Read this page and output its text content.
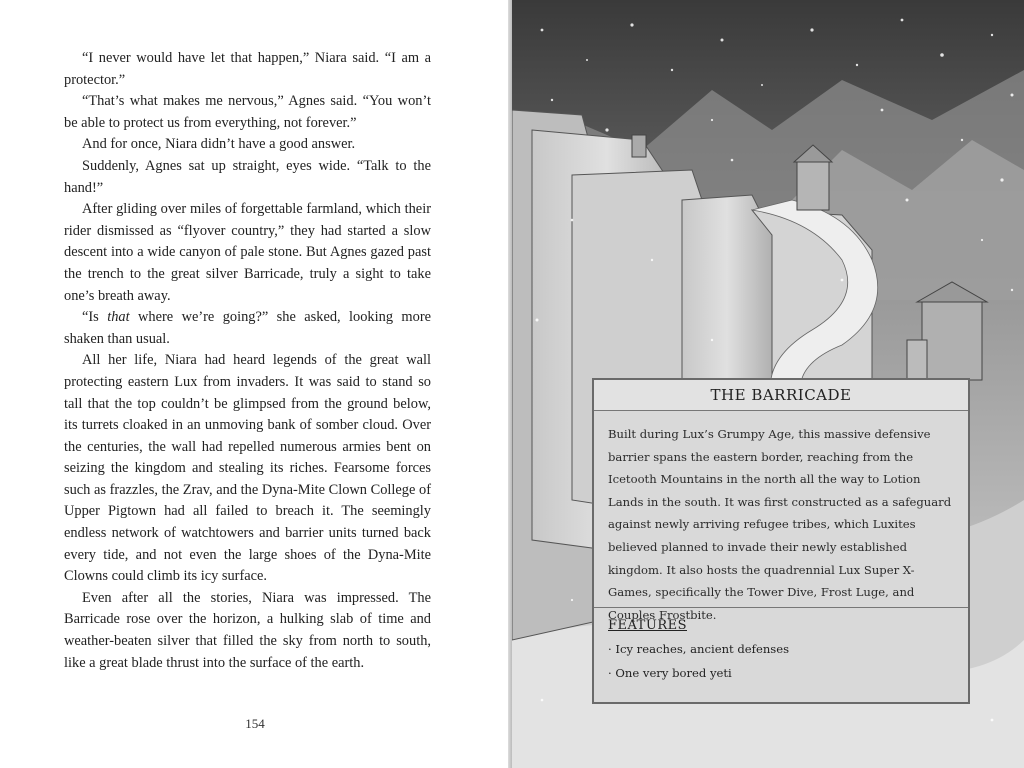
“I never would have let that happen,” Niara said. “I am a protector.”

“That’s what makes me nervous,” Agnes said. “You won’t be able to protect us from everything, not forever.”

And for once, Niara didn’t have a good answer.

Suddenly, Agnes sat up straight, eyes wide. “Talk to the hand!”

After gliding over miles of forgettable farmland, which their rider dismissed as “flyover country,” they had started a slow descent into a wide canyon of pale stone. But Agnes gazed past the trench to the great silver Barricade, truly a sight to take one’s breath away.

“Is that where we’re going?” she asked, looking more shaken than usual.

All her life, Niara had heard legends of the great wall protecting eastern Lux from invaders. It was said to stand so tall that the top couldn’t be glimpsed from the ground below, its turrets cloaked in an unmoving bank of somber cloud. Over the centuries, the wall had repelled numerous armies bent on seizing the kingdom and stealing its riches. Fearsome forces such as frazzles, the Zrav, and the Dyna-Mite Clown College of Upper Pigtown had all failed to breach it. The seemingly endless network of watchtowers and barrier units turned back every tide, and not even the large shoes of the Dyna-Mite Clowns could climb its icy surface.

Even after all the stories, Niara was impressed. The Barricade rose over the horizon, a hulking slab of time and weather-beaten silver that filled the sky from north to south, like a great blade thrust into the surface of the earth.

154
THE BARRICADE
Built during Lux’s Grumpy Age, this massive defensive barrier spans the eastern border, reaching from the Icetooth Mountains in the north all the way to Lotion Lands in the south. It was first constructed as a safeguard against newly arriving refugee tribes, which Luxites believed planned to invade their newly established kingdom. It also hosts the quadrennial Lux Super X-Games, specifically the Tower Dive, Frost Luge, and Couples Frostbite.
FEATURES
· Icy reaches, ancient defenses
· One very bored yeti
